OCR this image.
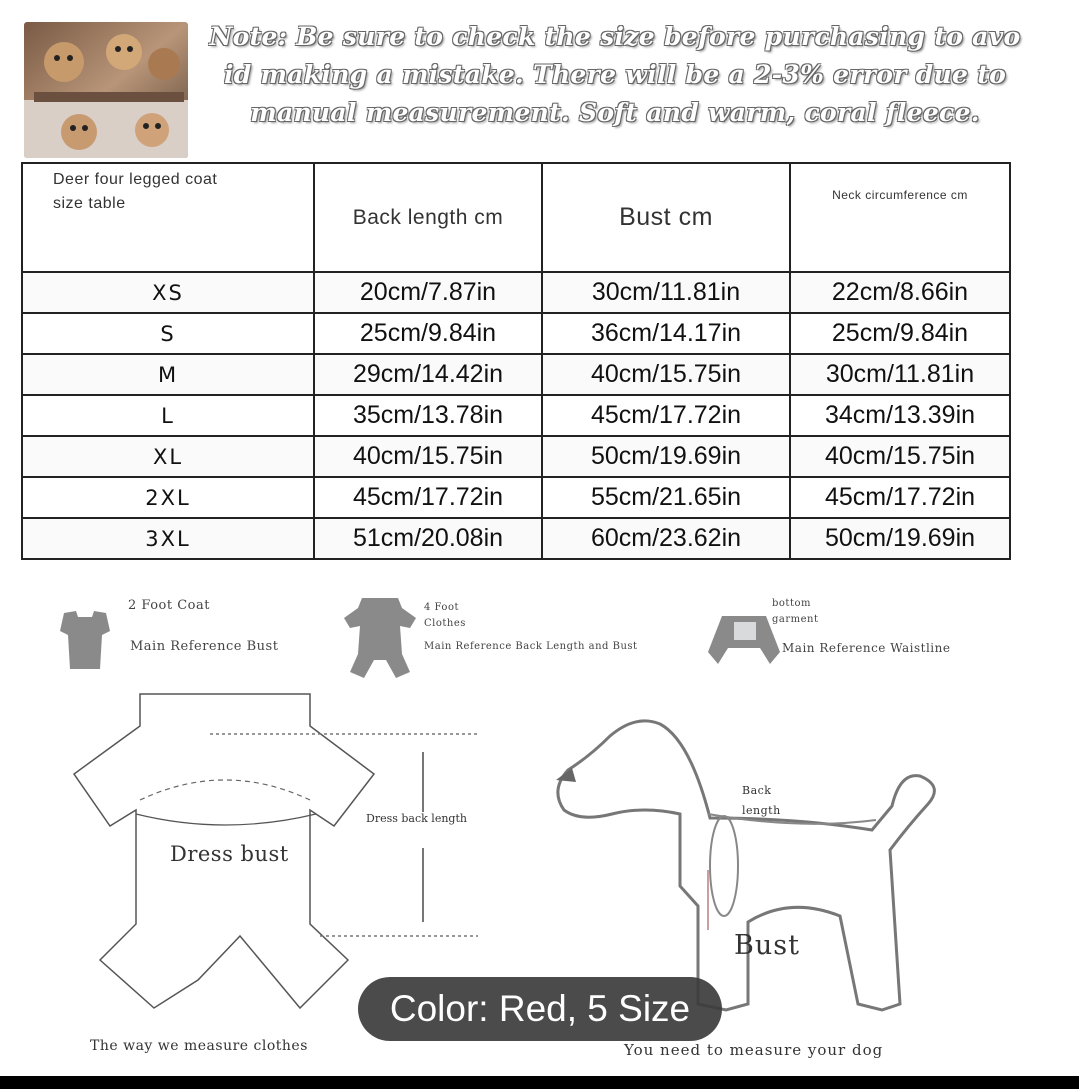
Note: Be sure to check the size before purchasing to avo
id making a mistake. There will be a 2-3% error due to
manual measurement. Soft and warm, coral fleece.
Deer four legged coat
size table	Back length cm	Bust cm	Neck circumference cm
XS	20cm/7.87in	30cm/11.81in	22cm/8.66in
S	25cm/9.84in	36cm/14.17in	25cm/9.84in
M	29cm/14.42in	40cm/15.75in	30cm/11.81in
L	35cm/13.78in	45cm/17.72in	34cm/13.39in
XL	40cm/15.75in	50cm/19.69in	40cm/15.75in
2XL	45cm/17.72in	55cm/21.65in	45cm/17.72in
3XL	51cm/20.08in	60cm/23.62in	50cm/19.69in
2 Foot Coat
Main Reference Bust
4 Foot
Clothes
Main Reference Back Length and Bust
bottom
garment
Main Reference Waistline
Dress bust
Dress back length
Back
length
Bust
The way we measure clothes	You need to measure your dog
Color: Red, 5 Size
